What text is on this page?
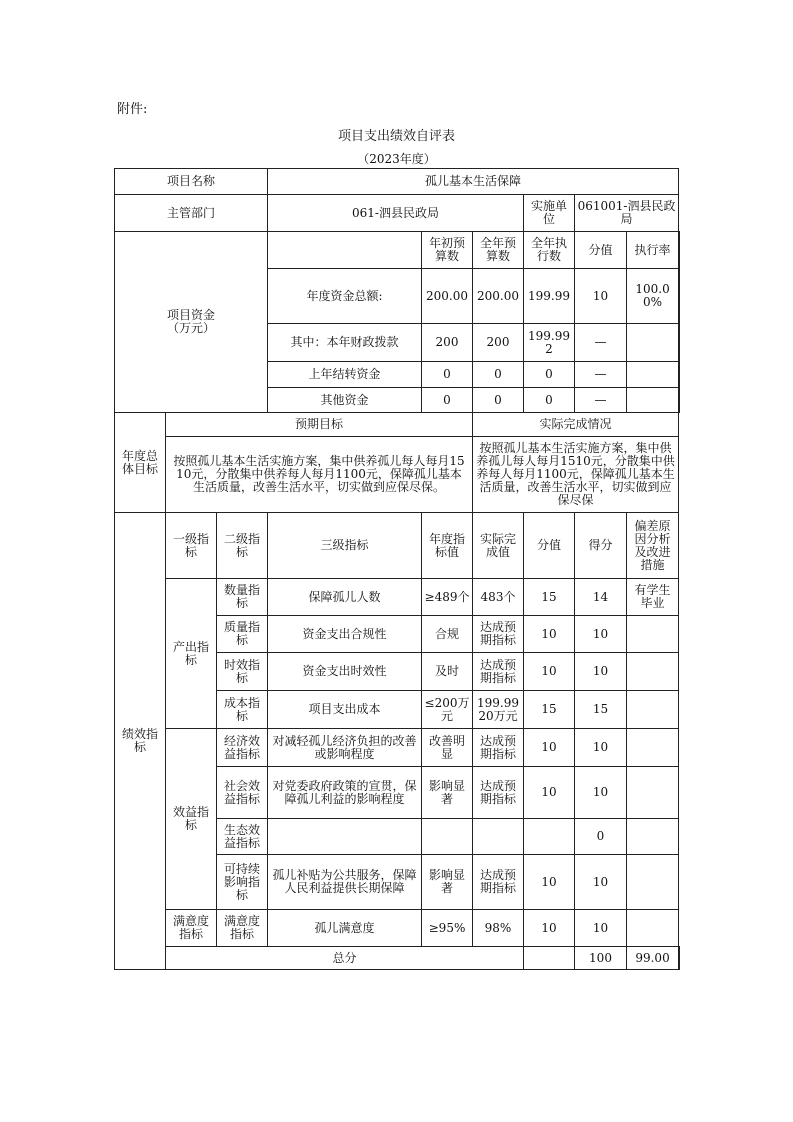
附件:
项目支出绩效自评表
（2023年度）
项目名称			孤儿基本生活保障						
主管部门			061-泗县民政局			实施单位	061001-泗县民政局		
项目资金
（万元）				年初预算数	全年预算数	全年执行数	分值	执行率	
			年度资金总额:	200.00	200.00	199.99	10	100.00%	
			其中：本年财政拨款	200	200	199.992	—		
			上年结转资金	0	0	0	—		
			其他资金	0	0	0	—		
年度总体目标	预期目标				实际完成情况				
	按照孤儿基本生活实施方案，集中供养孤儿每人每月1510元，分散集中供养每人每月1100元，保障孤儿基本生活质量，改善生活水平，切实做到应保尽保。				按照孤儿基本生活实施方案，集中供养孤儿每人每月1510元，分散集中供养每人每月1100元，保障孤儿基本生活质量，改善生活水平，切实做到应保尽保				
绩效指标	一级指标	二级指标	三级指标	年度指标值	实际完成值	分值	得分	偏差原因分析及改进措施	
	产出指标	数量指标	保障孤儿人数	≥489个	483个	15	14	有学生毕业	
		质量指标	资金支出合规性	合规	达成预期指标	10	10		
		时效指标	资金支出时效性	及时	达成预期指标	10	10		
		成本指标	项目支出成本	≤200万元	199.9920万元	15	15		
	效益指标	经济效益指标	对减轻孤儿经济负担的改善或影响程度	改善明显	达成预期指标	10	10		
		社会效益指标	对党委政府政策的宣贯，保障孤儿利益的影响程度	影响显著	达成预期指标	10	10		
		生态效益指标					0		
		可持续影响指标	孤儿补贴为公共服务，保障人民利益提供长期保障	影响显著	达成预期指标	10	10		
	满意度指标	满意度指标	孤儿满意度	≥95%	98%	10	10		
	总分						100	99.00	
